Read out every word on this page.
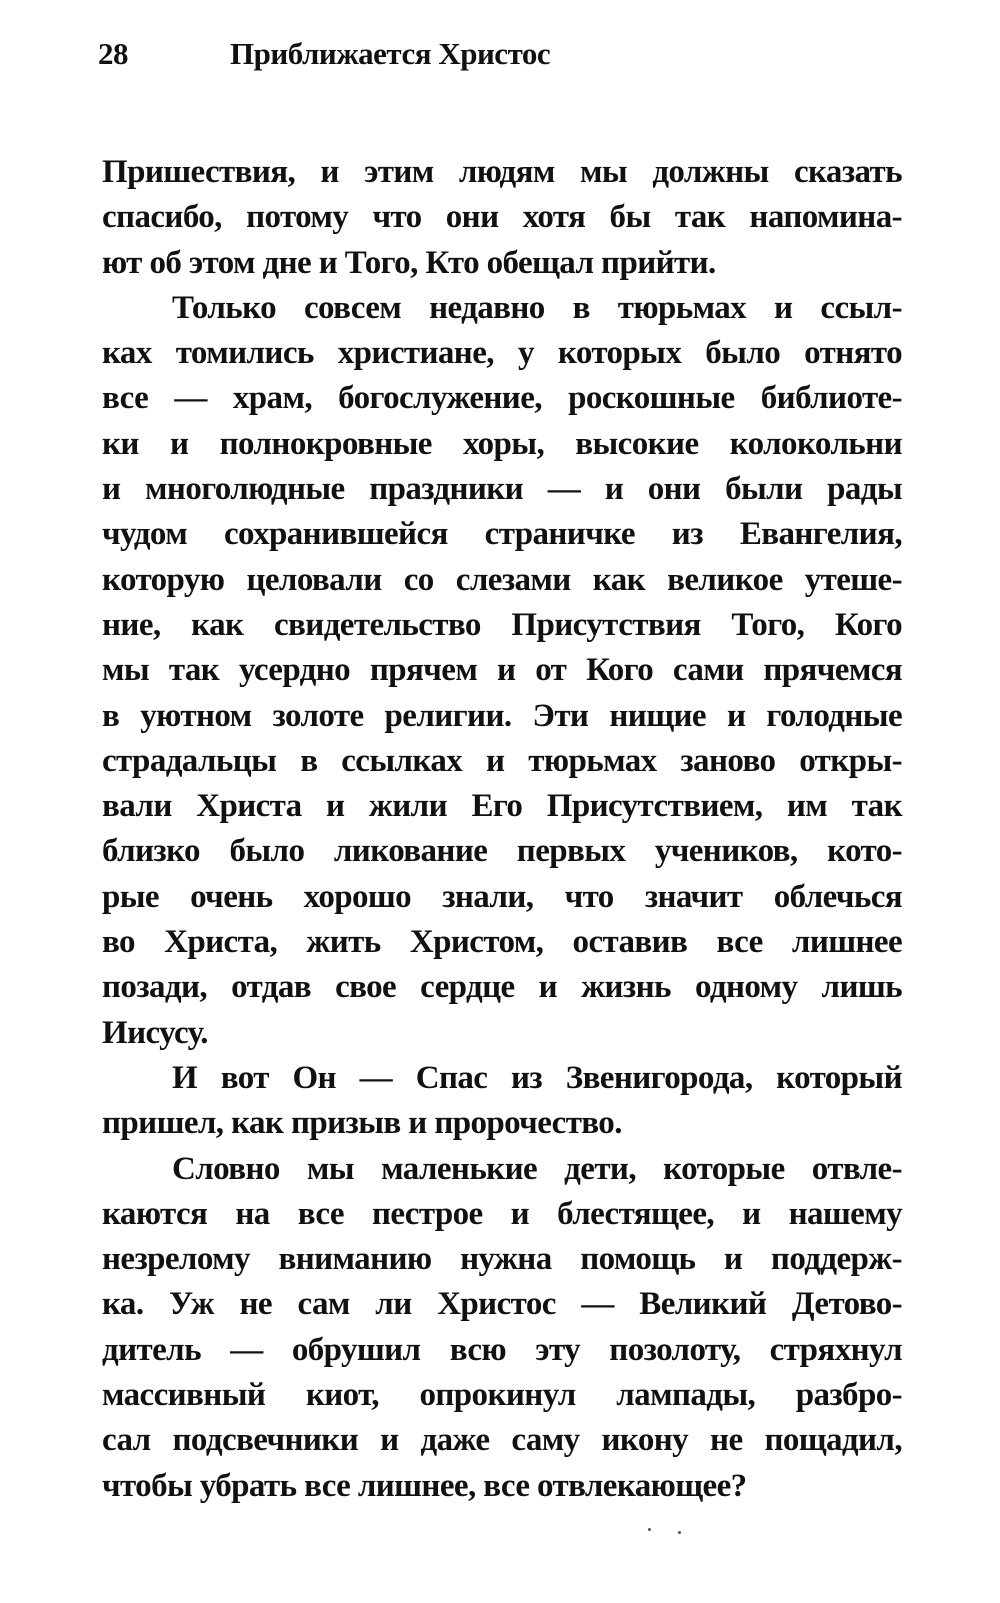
28	Приближается Христос
Пришествия, и этим людям мы должны сказать
спасибо, потому что они хотя бы так напомина-
ют об этом дне и Того, Кто обещал прийти.
Только совсем недавно в тюрьмах и ссыл-
ках томились христиане, у которых было отнято
все — храм, богослужение, роскошные библиоте-
ки и полнокровные хоры, высокие колокольни
и многолюдные праздники — и они были рады
чудом сохранившейся страничке из Евангелия,
которую целовали со слезами как великое утеше-
ние, как свидетельство Присутствия Того, Кого
мы так усердно прячем и от Кого сами прячемся
в уютном золоте религии. Эти нищие и голодные
страдальцы в ссылках и тюрьмах заново откры-
вали Христа и жили Его Присутствием, им так
близко было ликование первых учеников, кото-
рые очень хорошо знали, что значит облечься
во Христа, жить Христом, оставив все лишнее
позади, отдав свое сердце и жизнь одному лишь
Иисусу.
И вот Он — Спас из Звенигорода, который
пришел, как призыв и пророчество.
Словно мы маленькие дети, которые отвле-
каются на все пестрое и блестящее, и нашему
незрелому вниманию нужна помощь и поддерж-
ка. Уж не сам ли Христос — Великий Детово-
дитель — обрушил всю эту позолоту, стряхнул
массивный киот, опрокинул лампады, разбро-
сал подсвечники и даже саму икону не пощадил,
чтобы убрать все лишнее, все отвлекающее?
